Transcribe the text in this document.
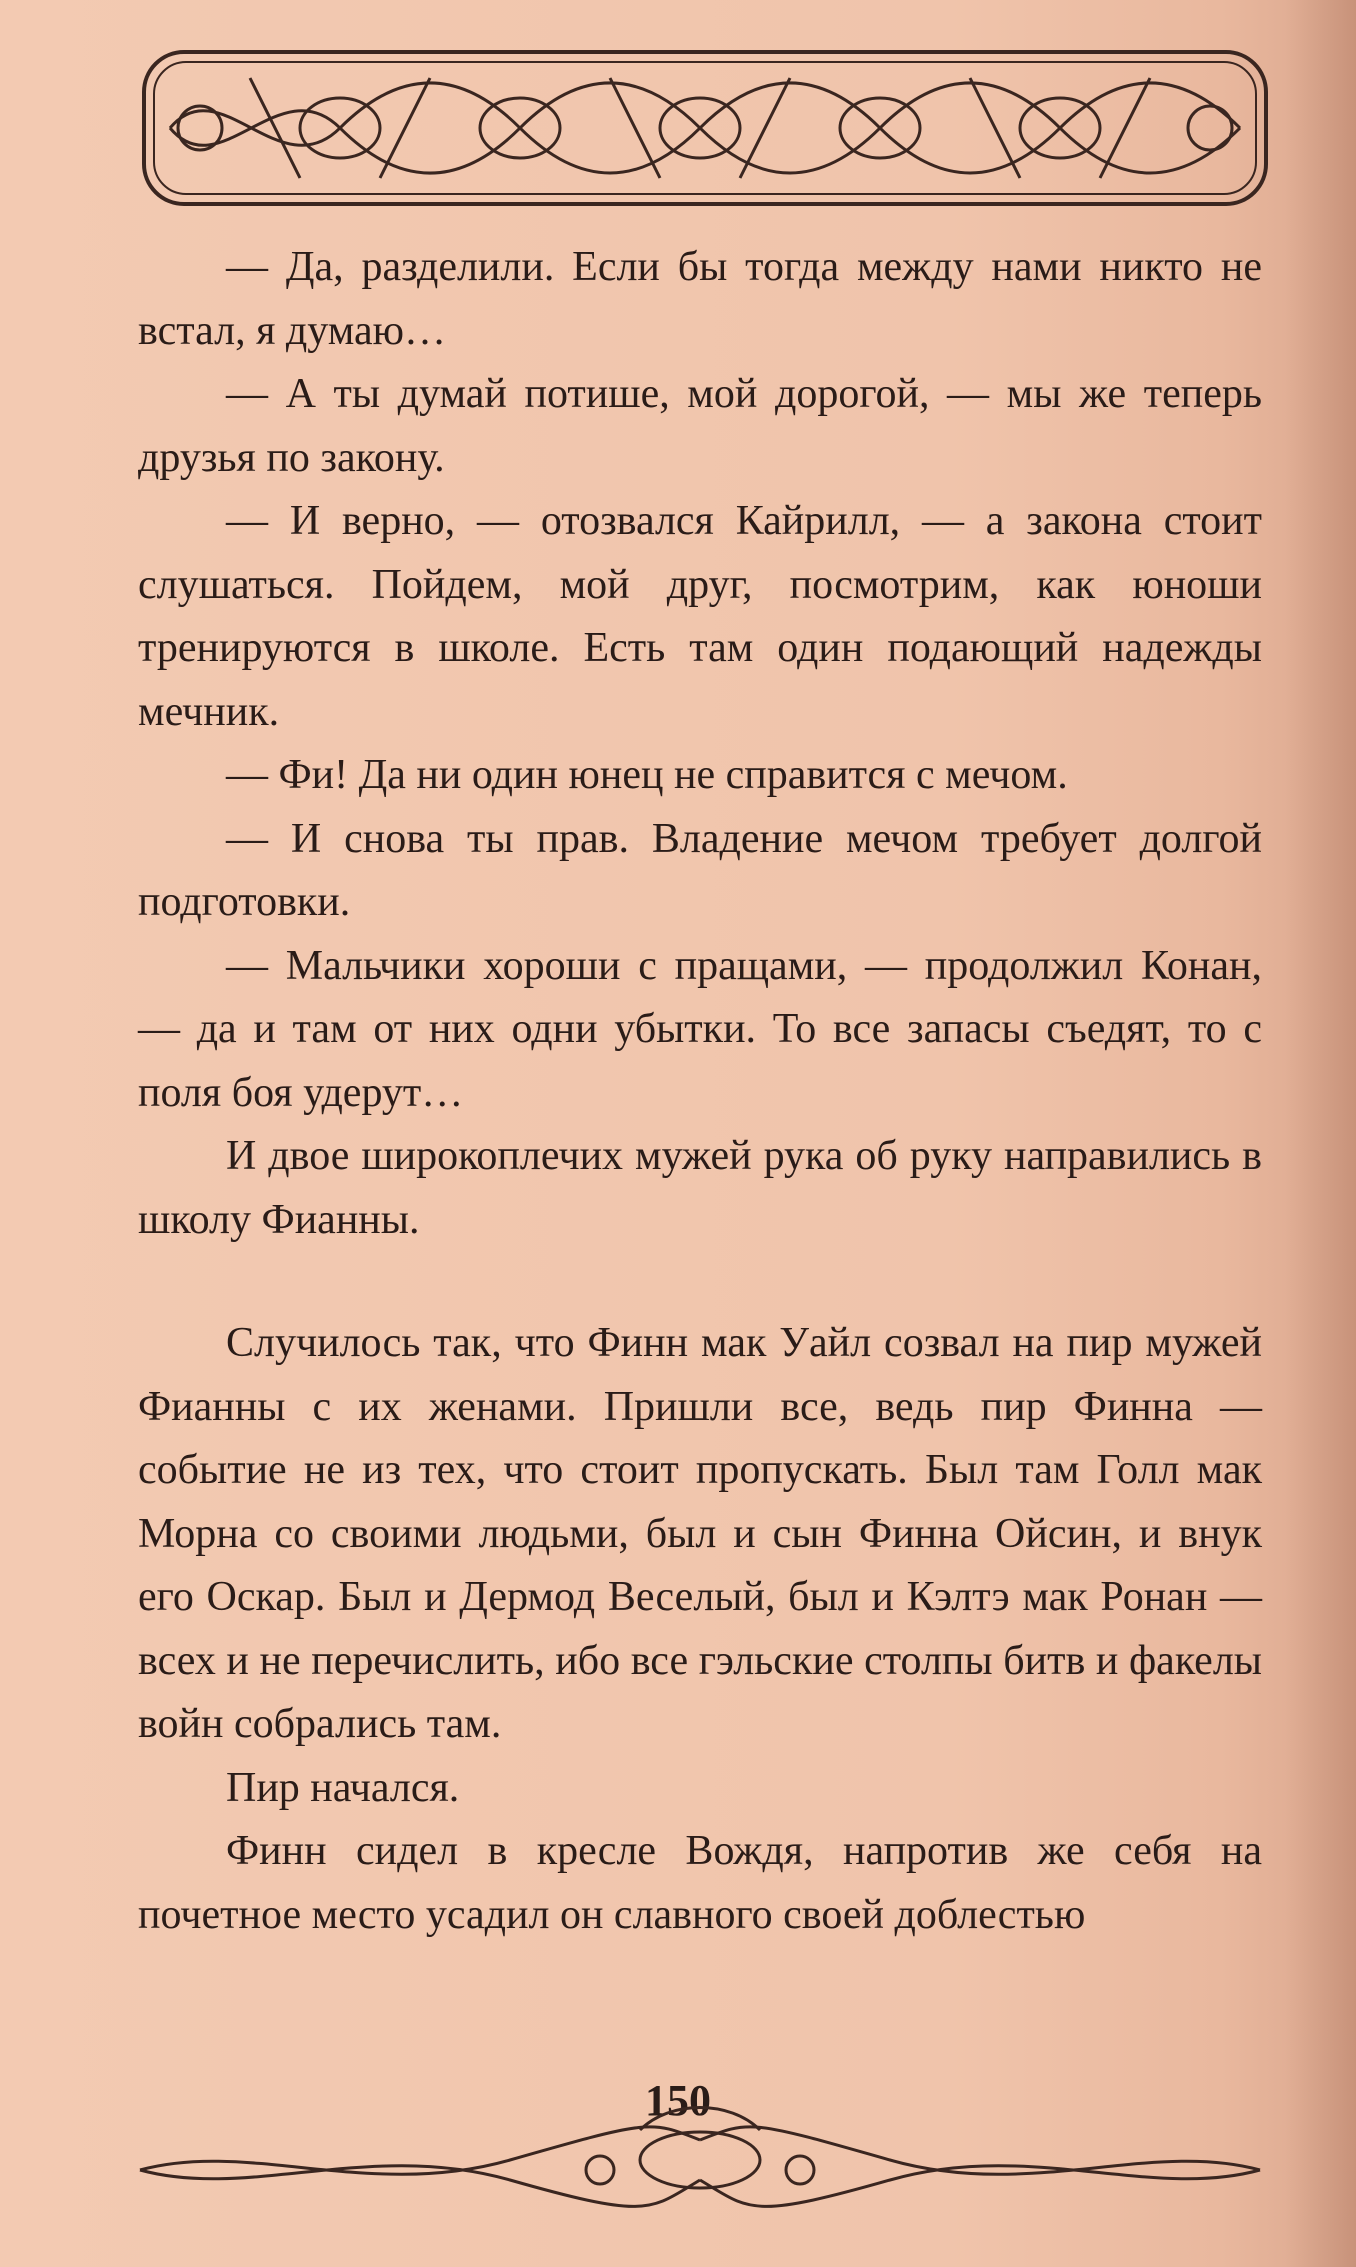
— Да, разделили. Если бы тогда между нами никто не встал, я думаю…

— А ты думай потише, мой дорогой, — мы же теперь друзья по закону.

— И верно, — отозвался Кайрилл, — а закона стоит слушаться. Пойдем, мой друг, посмотрим, как юноши тренируются в школе. Есть там один подающий надежды мечник.

— Фи! Да ни один юнец не справится с мечом.

— И снова ты прав. Владение мечом требует долгой подготовки.

— Мальчики хороши с пращами, — продолжил Конан, — да и там от них одни убытки. То все запасы съедят, то с поля боя удерут…

И двое широкоплечих мужей рука об руку направились в школу Фианны.

Случилось так, что Финн мак Уайл созвал на пир мужей Фианны с их женами. Пришли все, ведь пир Финна — событие не из тех, что стоит пропускать. Был там Голл мак Морна со своими людьми, был и сын Финна Ойсин, и внук его Оскар. Был и Дермод Веселый, был и Кэлтэ мак Ронан — всех и не перечислить, ибо все гэльские столпы битв и факелы войн собрались там.

Пир начался.

Финн сидел в кресле Вождя, напротив же себя на почетное место усадил он славного своей доблестью

150
